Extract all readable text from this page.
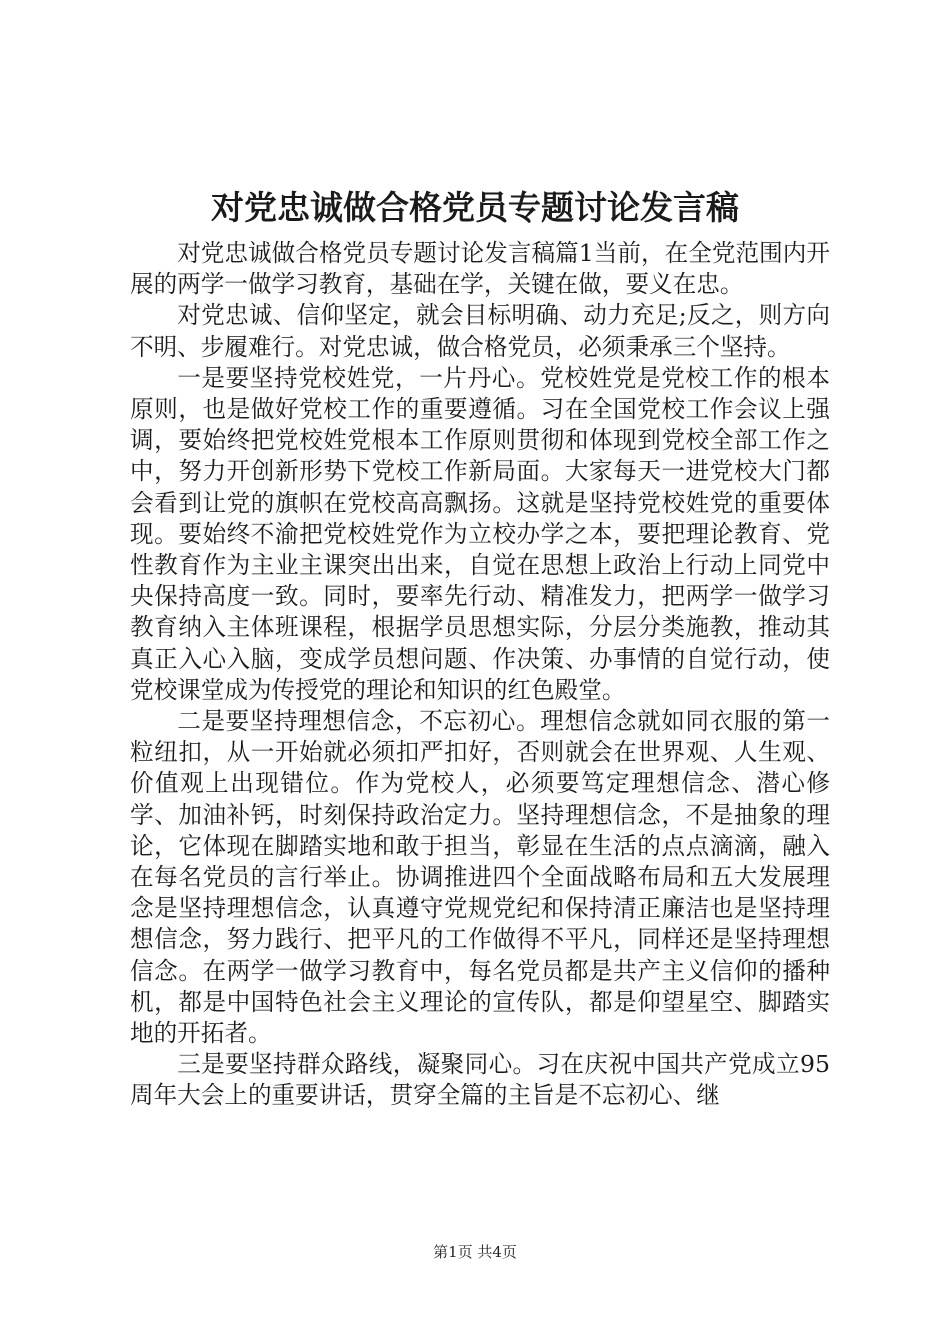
对党忠诚做合格党员专题讨论发言稿

对党忠诚做合格党员专题讨论发言稿篇1当前，在全党范围内开展的两学一做学习教育，基础在学，关键在做，要义在忠。

对党忠诚、信仰坚定，就会目标明确、动力充足;反之，则方向不明、步履难行。对党忠诚，做合格党员，必须秉承三个坚持。

一是要坚持党校姓党，一片丹心。党校姓党是党校工作的根本原则，也是做好党校工作的重要遵循。习在全国党校工作会议上强调，要始终把党校姓党根本工作原则贯彻和体现到党校全部工作之中，努力开创新形势下党校工作新局面。大家每天一进党校大门都会看到让党的旗帜在党校高高飘扬。这就是坚持党校姓党的重要体现。要始终不渝把党校姓党作为立校办学之本，要把理论教育、党性教育作为主业主课突出出来，自觉在思想上政治上行动上同党中央保持高度一致。同时，要率先行动、精准发力，把两学一做学习教育纳入主体班课程，根据学员思想实际，分层分类施教，推动其真正入心入脑，变成学员想问题、作决策、办事情的自觉行动，使党校课堂成为传授党的理论和知识的红色殿堂。

二是要坚持理想信念，不忘初心。理想信念就如同衣服的第一粒纽扣，从一开始就必须扣严扣好，否则就会在世界观、人生观、价值观上出现错位。作为党校人，必须要笃定理想信念、潜心修学、加油补钙，时刻保持政治定力。坚持理想信念，不是抽象的理论，它体现在脚踏实地和敢于担当，彰显在生活的点点滴滴，融入在每名党员的言行举止。协调推进四个全面战略布局和五大发展理念是坚持理想信念，认真遵守党规党纪和保持清正廉洁也是坚持理想信念，努力践行、把平凡的工作做得不平凡，同样还是坚持理想信念。在两学一做学习教育中，每名党员都是共产主义信仰的播种机，都是中国特色社会主义理论的宣传队，都是仰望星空、脚踏实地的开拓者。

三是要坚持群众路线，凝聚同心。习在庆祝中国共产党成立95周年大会上的重要讲话，贯穿全篇的主旨是不忘初心、继

第1页 共4页
